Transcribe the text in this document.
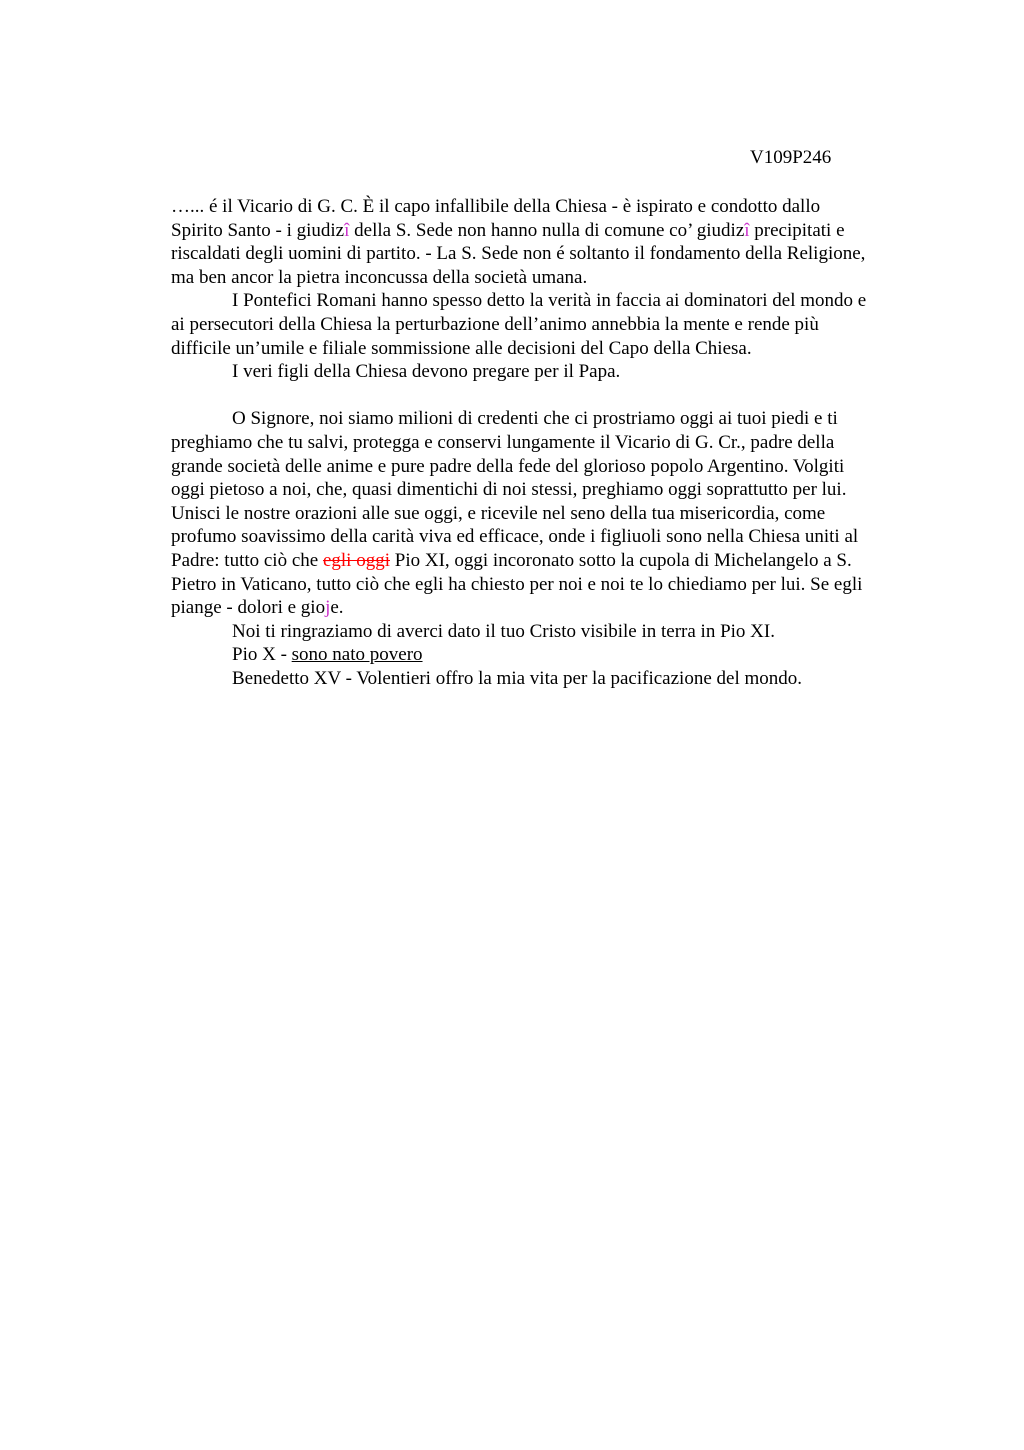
V109P246

…... é il Vicario di G. C. È il capo infallibile della Chiesa - è ispirato e condotto dallo

Spirito Santo - i giudizî della S. Sede non hanno nulla di comune co’ giudizî precipitati e

riscaldati degli uomini di partito. - La S. Sede non é soltanto il fondamento della Religione,

ma ben ancor la pietra inconcussa della società umana.

I Pontefici Romani hanno spesso detto la verità in faccia ai dominatori del mondo e

ai persecutori della Chiesa la perturbazione dell’animo annebbia la mente e rende più

difficile un’umile e filiale sommissione alle decisioni del Capo della Chiesa.

I veri figli della Chiesa devono pregare per il Papa.

O Signore, noi siamo milioni di credenti che ci prostriamo oggi ai tuoi piedi e ti

preghiamo che tu salvi, protegga e conservi lungamente il Vicario di G. Cr., padre della

grande società delle anime e pure padre della fede del glorioso popolo Argentino. Volgiti

oggi pietoso a noi, che, quasi dimentichi di noi stessi, preghiamo oggi soprattutto per lui.

Unisci le nostre orazioni alle sue oggi, e ricevile nel seno della tua misericordia, come

profumo soavissimo della carità viva ed efficace, onde i figliuoli sono nella Chiesa uniti al

Padre: tutto ciò che egli oggi Pio XI, oggi incoronato sotto la cupola di Michelangelo a S.

Pietro in Vaticano, tutto ciò che egli ha chiesto per noi e noi te lo chiediamo per lui. Se egli

piange - dolori e gioje.

Noi ti ringraziamo di averci dato il tuo Cristo visibile in terra in Pio XI.

Pio X - sono nato povero

Benedetto XV - Volentieri offro la mia vita per la pacificazione del mondo.
